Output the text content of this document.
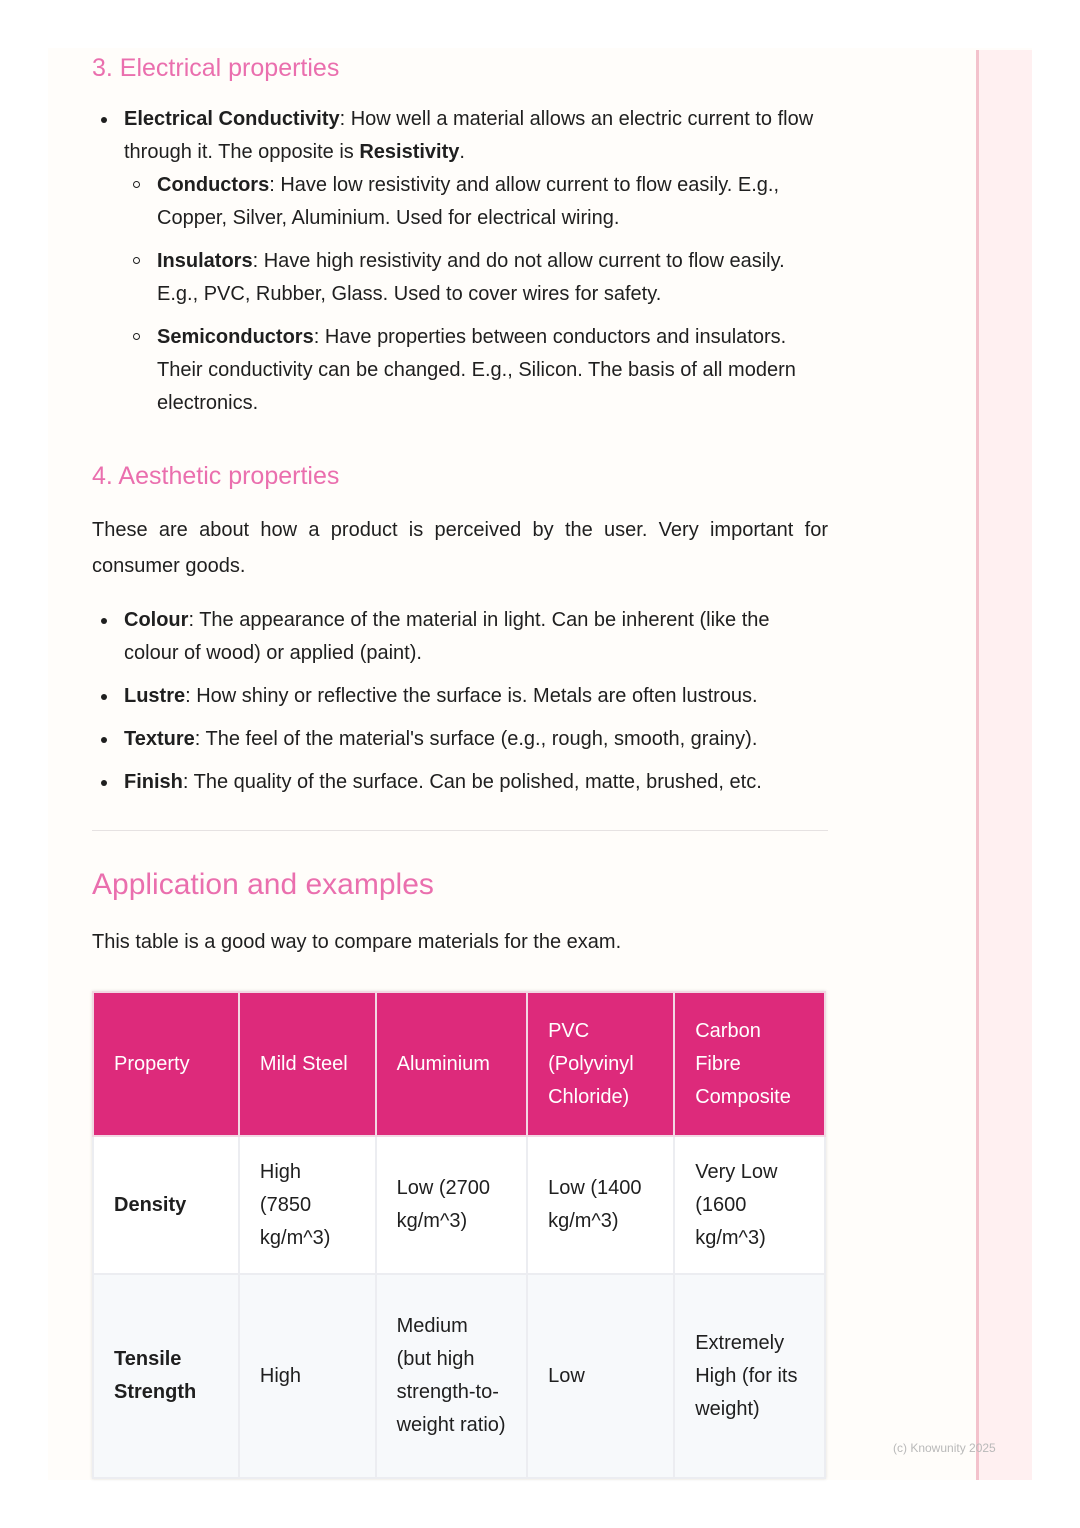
3. Electrical properties
Electrical Conductivity: How well a material allows an electric current to flow through it. The opposite is Resistivity.
Conductors: Have low resistivity and allow current to flow easily. E.g., Copper, Silver, Aluminium. Used for electrical wiring.
Insulators: Have high resistivity and do not allow current to flow easily. E.g., PVC, Rubber, Glass. Used to cover wires for safety.
Semiconductors: Have properties between conductors and insulators. Their conductivity can be changed. E.g., Silicon. The basis of all modern electronics.
4. Aesthetic properties

These are about how a product is perceived by the user. Very important for consumer goods.

Colour: The appearance of the material in light. Can be inherent (like the colour of wood) or applied (paint).
Lustre: How shiny or reflective the surface is. Metals are often lustrous.
Texture: The feel of the material's surface (e.g., rough, smooth, grainy).
Finish: The quality of the surface. Can be polished, matte, brushed, etc.
Application and examples

This table is a good way to compare materials for the exam.

Property	Mild Steel	Aluminium	PVC (Polyvinyl Chloride)	Carbon Fibre Composite
Density	High (7850 kg/m^3)	Low (2700 kg/m^3)	Low (1400 kg/m^3)	Very Low (1600 kg/m^3)
Tensile Strength	High	Medium (but high strength-to-weight ratio)	Low	Extremely High (for its weight)
(c) Knowunity 2025
